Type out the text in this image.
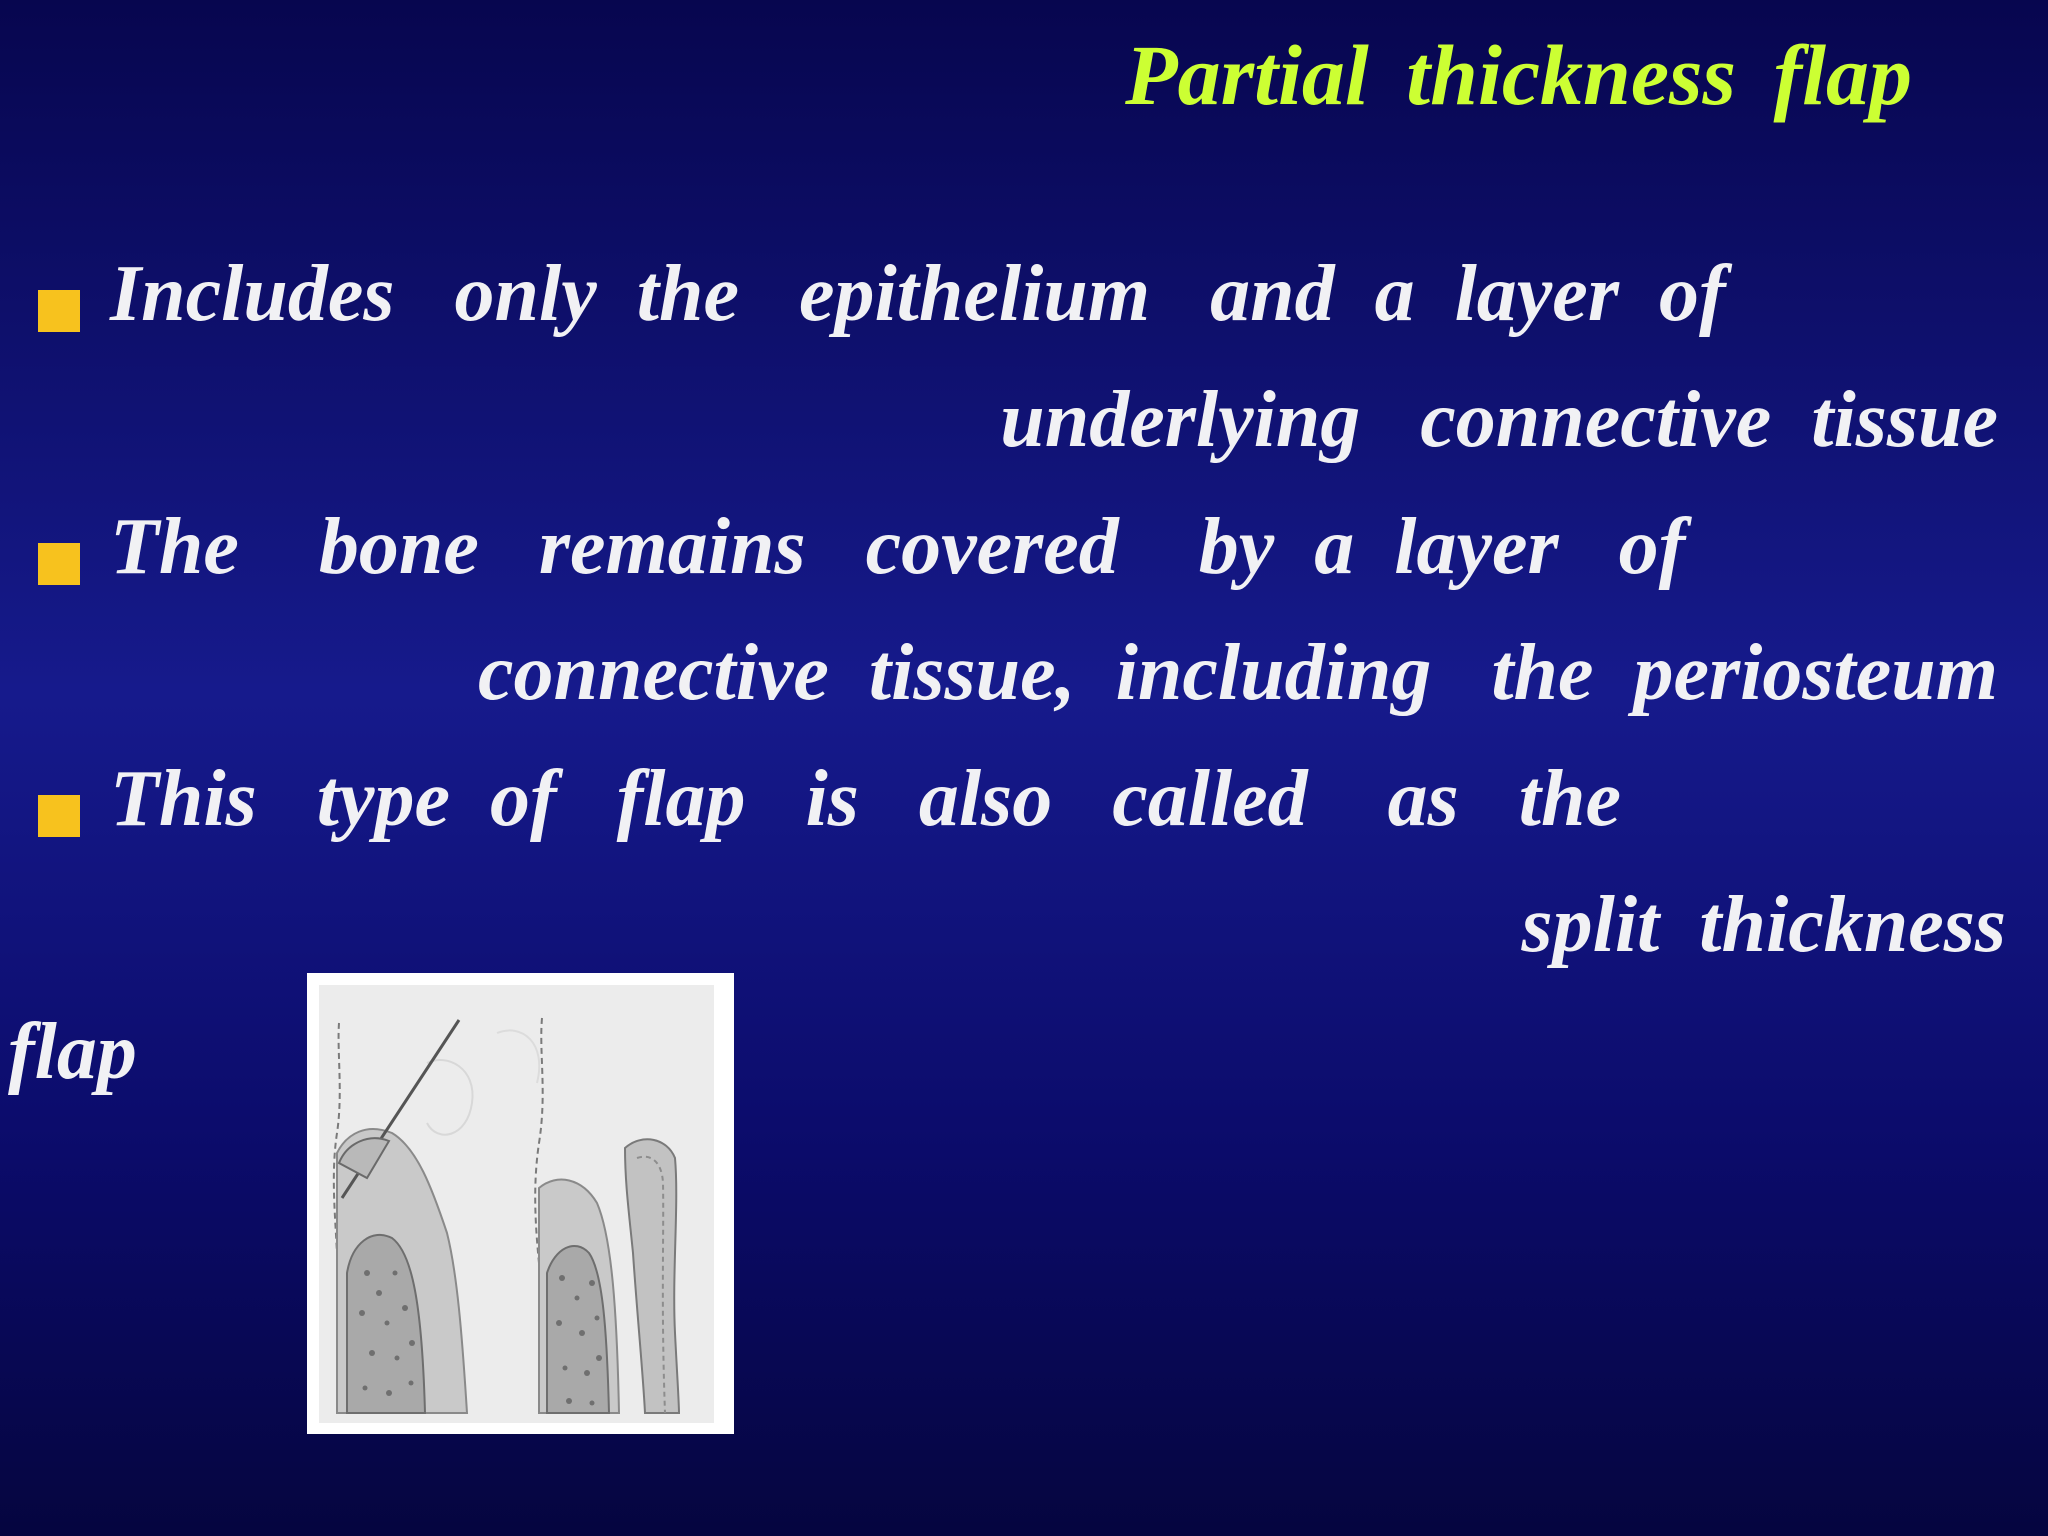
Partial thickness flap

Includes   only  the   epithelium   and  a  layer  of

underlying   connective  tissue

The    bone   remains   covered    by  a  layer   of

connective  tissue,  including   the  periosteum

This   type  of   flap   is   also   called    as   the

split  thickness

flap
